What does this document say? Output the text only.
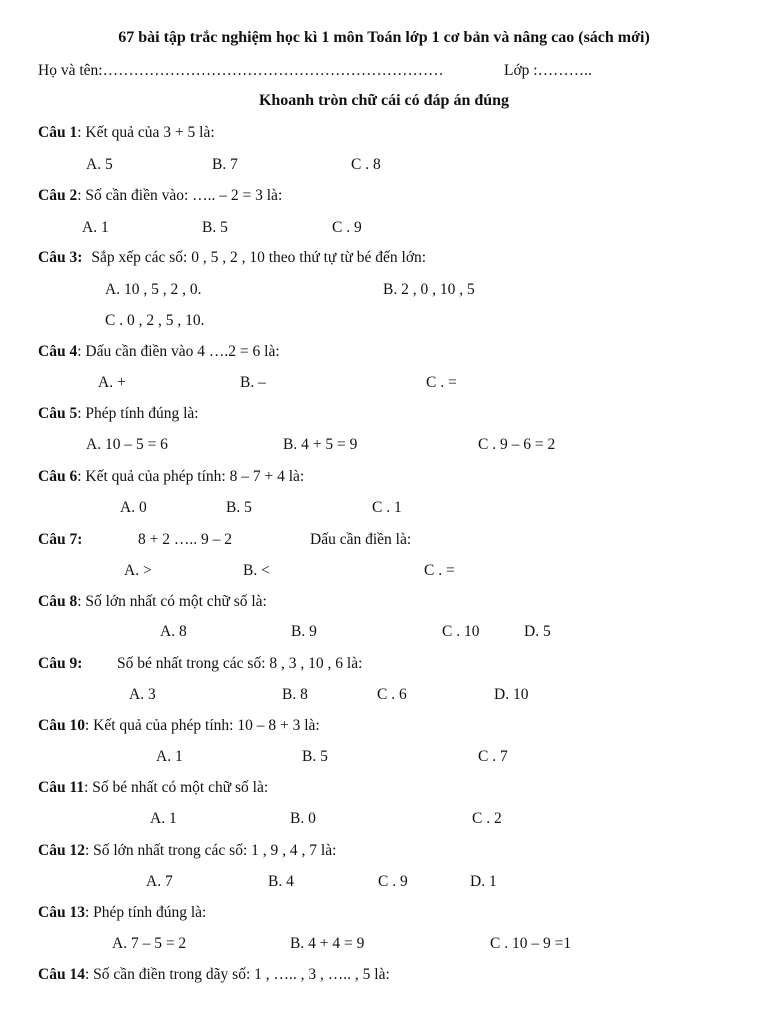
67 bài tập trắc nghiệm học kì 1 môn Toán lớp 1 cơ bản và nâng cao (sách mới)
Họ và tên:…………………………………………………………	Lớp :………..
Khoanh tròn chữ cái có đáp án đúng
Câu 1: Kết quả của 3 + 5 là:
A. 5	B. 7	C . 8
Câu 2: Số cần điền vào: ….. – 2 = 3 là:
A. 1	B. 5	C . 9
Câu 3: Sắp xếp các số: 0 , 5 , 2 , 10 theo thứ tự từ bé đến lớn:
A. 10 , 5 , 2 , 0.	B. 2 , 0 , 10 , 5
C . 0 , 2 , 5 , 10.
Câu 4: Dấu cần điền vào 4 ….2 = 6 là:
A. +	B. –	C . =
Câu 5: Phép tính đúng là:
A. 10 – 5 = 6	B. 4 + 5 = 9	C . 9 – 6 = 2
Câu 6: Kết quả của phép tính: 8 – 7 + 4 là:
A. 0	B. 5	C . 1
Câu 7:	8 + 2 ….. 9 – 2	Dấu cần điền là:
A. >	B. <	C . =
Câu 8: Số lớn nhất có một chữ số là:
A. 8	B. 9	C . 10	D. 5
Câu 9: Số bé nhất trong các số: 8 , 3 , 10 , 6 là:
A. 3	B. 8	C . 6	D. 10
Câu 10: Kết quả của phép tính: 10 – 8 + 3 là:
A. 1	B. 5	C . 7
Câu 11: Số bé nhất có một chữ số là:
A. 1	B. 0	C . 2
Câu 12: Số lớn nhất trong các số: 1 , 9 , 4 , 7 là:
A. 7	B. 4	C . 9	D. 1
Câu 13: Phép tính đúng là:
A. 7 – 5 = 2	B. 4 + 4 = 9	C . 10 – 9 =1
Câu 14: Số cần điền trong dãy số: 1 , ….. , 3 , ….. , 5 là:
